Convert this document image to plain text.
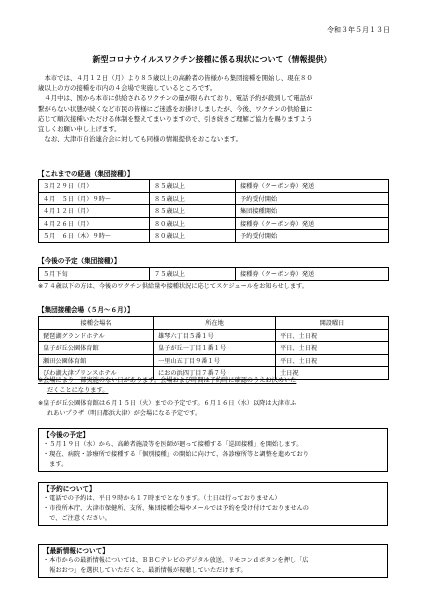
令和３年５月１３日
新型コロナウイルスワクチン接種に係る現状について（情報提供）

　本市では、４月１２日（月）より８５歳以上の高齢者の皆様から集団接種を開始し、現在８０

歳以上の方の接種を市内の４会場で実施しているところです。

　４月中は、国から本市に供給されるワクチンの量が限られており、電話予約が殺到して電話が

繋がらない状態が続くなど市民の皆様にご迷惑をお掛けしましたが、今後、ワクチンの供給量に

応じて順次接種いただける体制を整えてまいりますので、引き続きご理解ご協力を賜りますよう

宜しくお願い申し上げます。

　なお、大津市自治連合会に対しても同様の情報提供をおこないます。

【これまでの経過（集団接種）】
３月２９日（月）	８５歳以上	接種券（クーポン券）発送
４月　５日（月）９時～	８５歳以上	予約受付開始
４月１２日（月）	８５歳以上	集団接種開始
４月２６日（月）	８０歳以上	接種券（クーポン券）発送
５月　６日（木）９時～	８０歳以上	予約受付開始
【今後の予定（集団接種）】
５月下旬	７５歳以上	接種券（クーポン券）発送
※７４歳以下の方は、今後のワクチン供給量や接種状況に応じてスケジュールをお知らせします。
【集団接種会場（５月～６月）】
接種会場名	所在地	開設曜日
琵琶湖グランドホテル	雄琴六丁目５番１号	平日、土日祝
皇子が丘公園体育館	皇子が丘一丁目１番１号	平日、土日祝
瀬田公園体育館	一里山五丁目９番１号	平日、土日祝
びわ湖大津プリンスホテル	におの浜四丁目７番７号	土日祝
※会場により一部実施のない日があります。会場および時間は予約時に確認のうえお決めいた
だくことになります。
※皇子が丘公園体育館は６月１５日（火）までの予定です。６月１６日（水）以降は大津市ふ
れあいプラザ（明日都浜大津）が会場になる予定です。
【今後の予定】
・５月１９日（水）から、高齢者施設等を医師が廻って接種する「巡回接種」を開始します。
・現在、病院・診療所で接種する「個別接種」の開始に向けて、各診療所等と調整を進めており
　ます。
【予約について】
・電話での予約は、平日９時から１７時までとなります。（土日は行っておりません）
・市役所本庁、大津市保健所、支所、集団接種会場やメールでは予約を受け付けておりませんの
　で、ご注意ください。
【最新情報について】
・本市からの最新情報については、ＢＢＣテレビのデジタル放送、リモコンｄボタンを押し「広
　報おおつ」を選択していただくと、最新情報が視聴していただけます。
